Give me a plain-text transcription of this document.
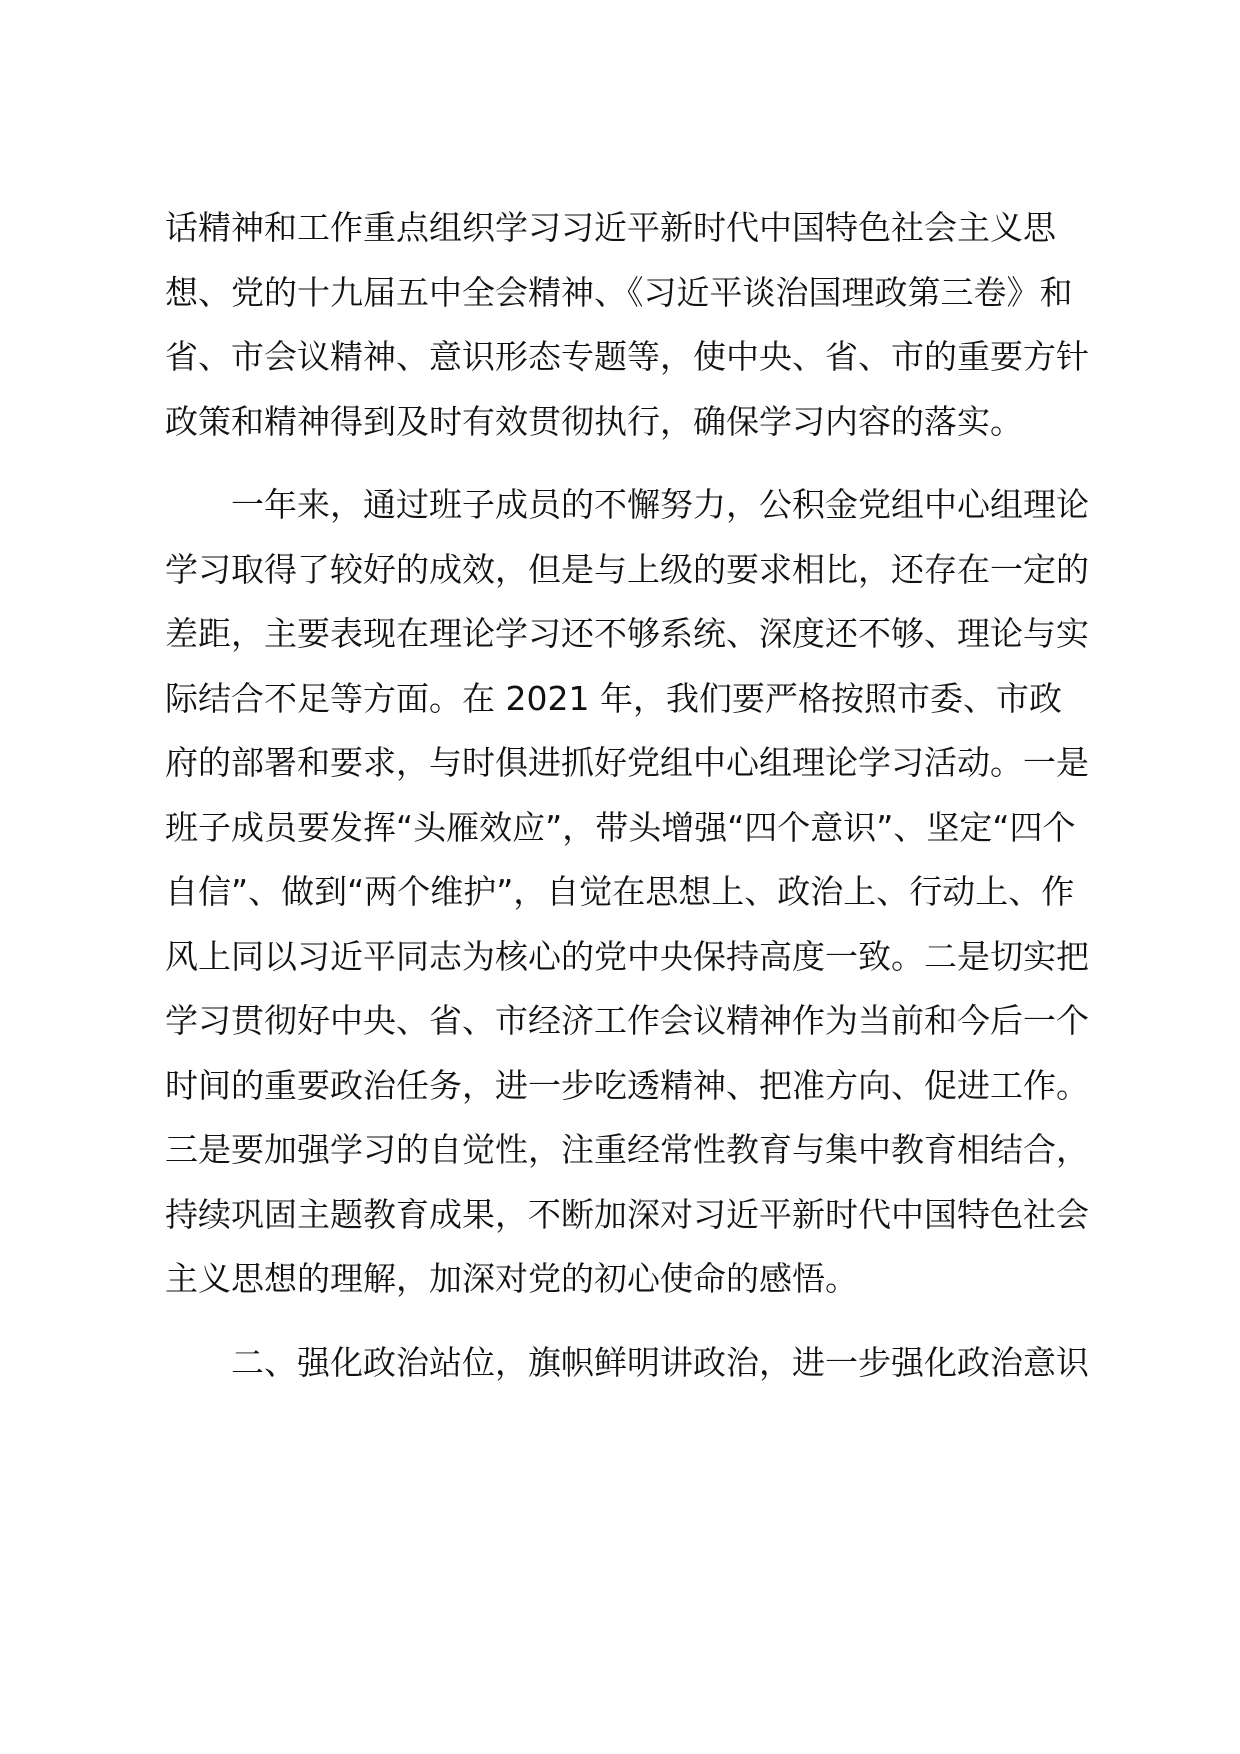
话精神和工作重点组织学习习近平新时代中国特色社会主义思想、党的十九届五中全会精神、《习近平谈治国理政第三卷》和省、市会议精神、意识形态专题等，使中央、省、市的重要方针政策和精神得到及时有效贯彻执行，确保学习内容的落实。

一年来，通过班子成员的不懈努力，公积金党组中心组理论学习取得了较好的成效，但是与上级的要求相比，还存在一定的差距，主要表现在理论学习还不够系统、深度还不够、理论与实际结合不足等方面。在 2021 年，我们要严格按照市委、市政府的部署和要求，与时俱进抓好党组中心组理论学习活动。一是班子成员要发挥“头雁效应”，带头增强“四个意识”、坚定“四个自信”、做到“两个维护”，自觉在思想上、政治上、行动上、作风上同以习近平同志为核心的党中央保持高度一致。二是切实把学习贯彻好中央、省、市经济工作会议精神作为当前和今后一个时间的重要政治任务，进一步吃透精神、把准方向、促进工作。三是要加强学习的自觉性，注重经常性教育与集中教育相结合，持续巩固主题教育成果，不断加深对习近平新时代中国特色社会主义思想的理解，加深对党的初心使命的感悟。

二、强化政治站位，旗帜鲜明讲政治，进一步强化政治意识
